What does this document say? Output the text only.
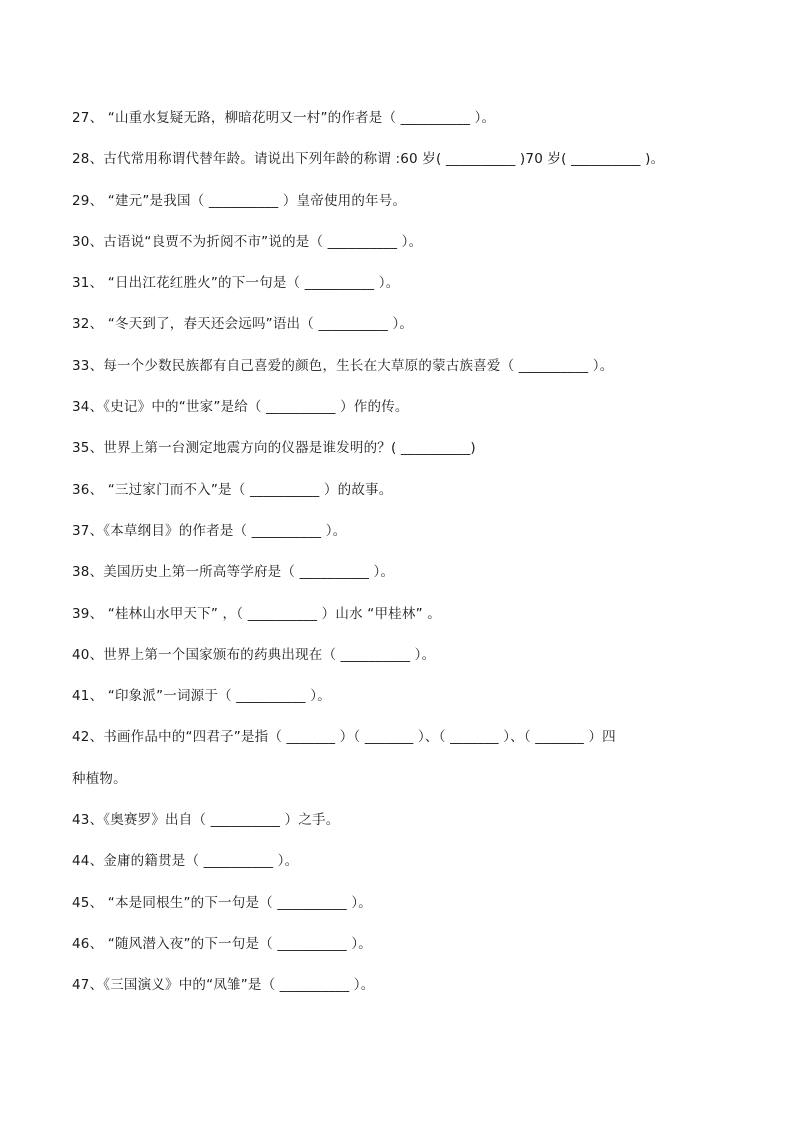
27、 “山重水复疑无路，柳暗花明又一村”的作者是（ __________ ）。
28、古代常用称谓代替年龄。请说出下列年龄的称谓 :60 岁( __________ )70 岁( __________ )。
29、 “建元”是我国（ __________ ）皇帝使用的年号。
30、古语说“良贾不为折阅不市”说的是（ __________ ）。
31、 “日出江花红胜火”的下一句是（ __________ ）。
32、 “冬天到了，春天还会远吗”语出（ __________ ）。
33、每一个少数民族都有自己喜爱的颜色，生长在大草原的蒙古族喜爱（ __________ ）。
34、《史记》中的“世家”是给（ __________ ）作的传。
35、世界上第一台测定地震方向的仪器是谁发明的？( __________)
36、 “三过家门而不入”是（ __________ ）的故事。
37、《本草纲目》的作者是（ __________ ）。
38、美国历史上第一所高等学府是（ __________ ）。
39、 “桂林山水甲天下” ，（ __________ ）山水 “甲桂林” 。
40、世界上第一个国家颁布的药典出现在（ __________ ）。
41、 “印象派”一词源于（ __________ ）。
42、书画作品中的“四君子”是指（ _______ ）（ _______ ）、（ _______ ）、（ _______ ）四
种植物。
43、《奥赛罗》出自（ __________ ）之手。
44、金庸的籍贯是（ __________ ）。
45、 “本是同根生”的下一句是（ __________ ）。
46、 “随风潜入夜”的下一句是（ __________ ）。
47、《三国演义》中的“凤雏”是（ __________ ）。
